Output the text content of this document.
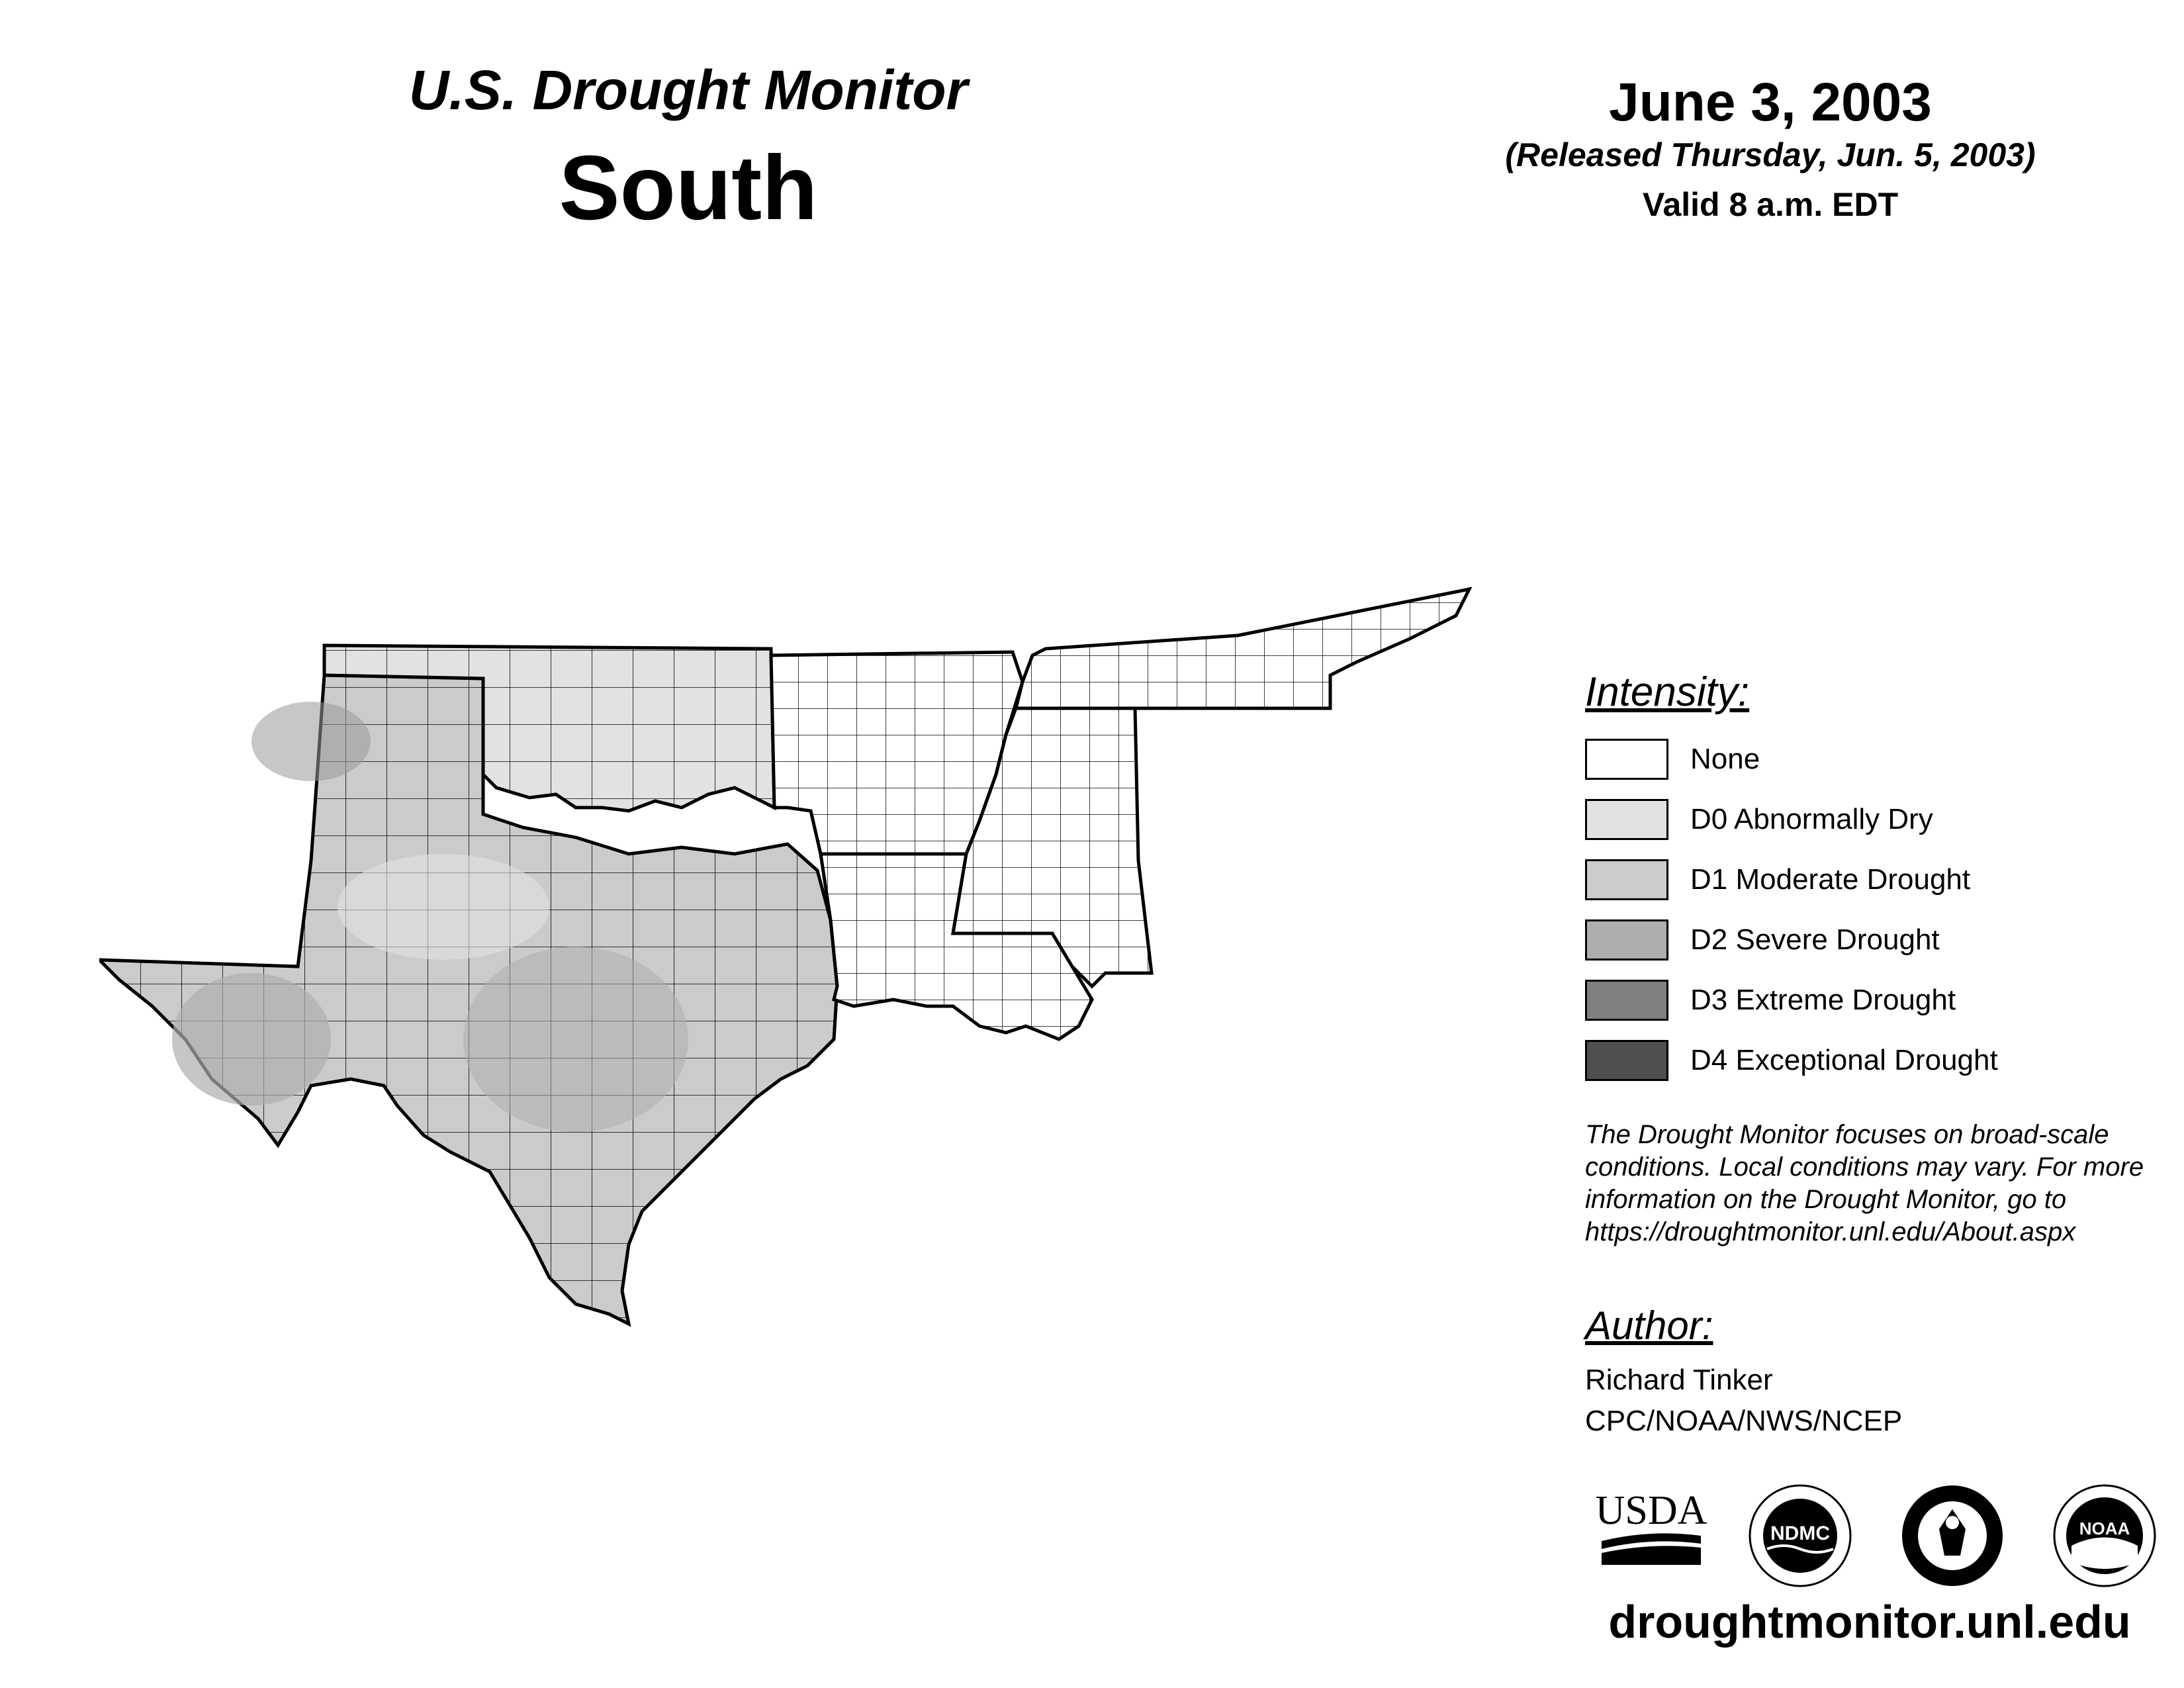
U.S. Drought Monitor
South
June 3, 2003
(Released Thursday, Jun. 5, 2003)
Valid 8 a.m. EDT
Intensity:
None
D0 Abnormally Dry
D1 Moderate Drought
D2 Severe Drought
D3 Extreme Drought
D4 Exceptional Drought
The Drought Monitor focuses on broad-scale conditions. Local conditions may vary. For more information on the Drought Monitor, go to https://droughtmonitor.unl.edu/About.aspx
Author:
Richard Tinker
CPC/NOAA/NWS/NCEP
USDA
NDMC	NOAA
droughtmonitor.unl.edu
